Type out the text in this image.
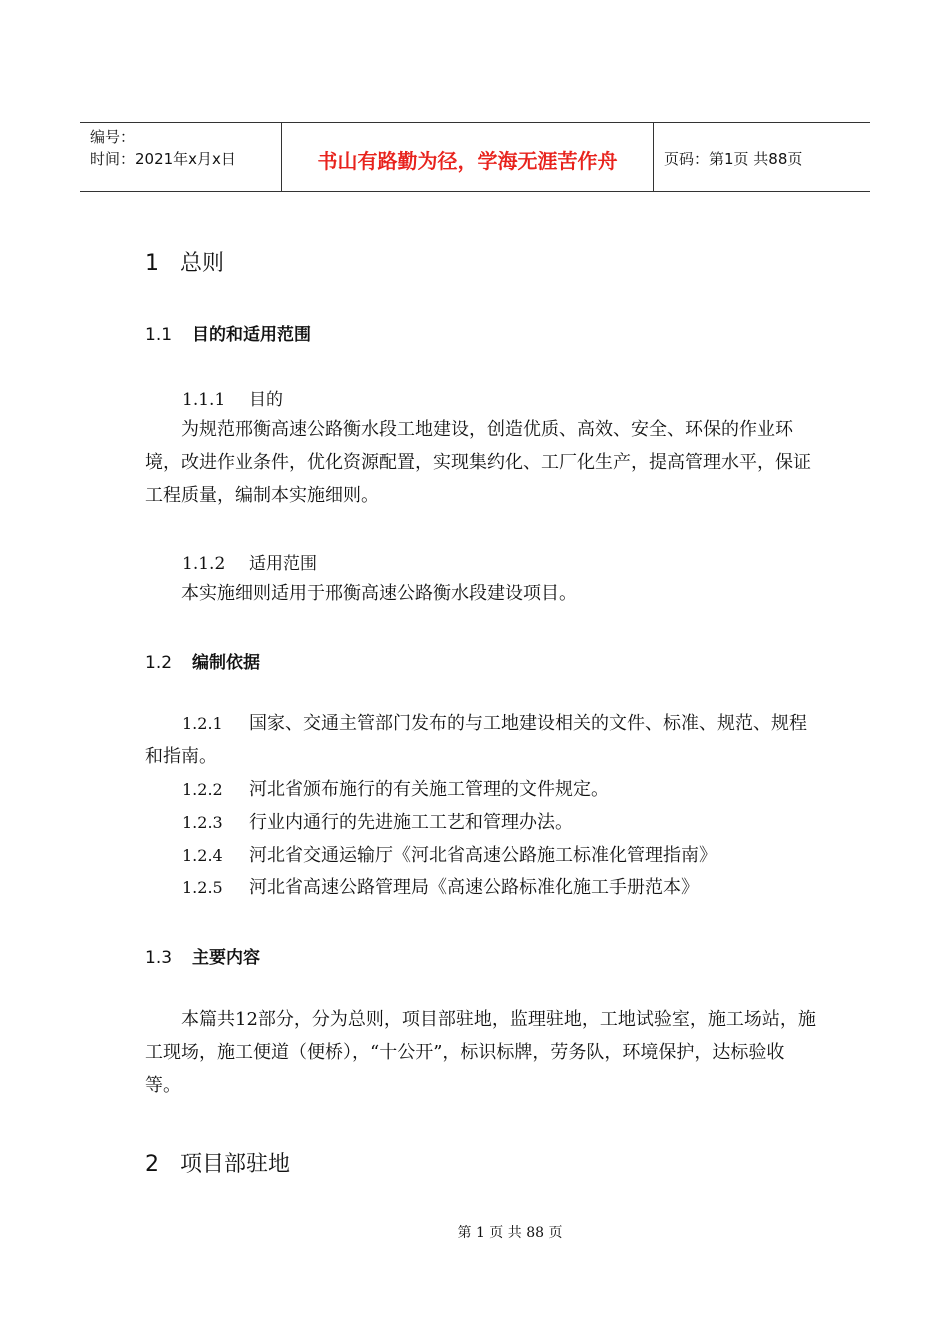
编号：
时间：2021年x月x日	书山有路勤为径，学海无涯苦作舟	页码：第1页 共88页
1 总则
1.1 目的和适用范围
1.1.1 目的

为规范邢衡高速公路衡水段工地建设，创造优质、高效、安全、环保的作业环境，改进作业条件，优化资源配置，实现集约化、工厂化生产，提高管理水平，保证工程质量，编制本实施细则。

1.1.2 适用范围

本实施细则适用于邢衡高速公路衡水段建设项目。

1.2 编制依据

1.2.1 国家、交通主管部门发布的与工地建设相关的文件、标准、规范、规程和指南。

1.2.2 河北省颁布施行的有关施工管理的文件规定。

1.2.3 行业内通行的先进施工工艺和管理办法。

1.2.4 河北省交通运输厅《河北省高速公路施工标准化管理指南》

1.2.5 河北省高速公路管理局《高速公路标准化施工手册范本》

1.3 主要内容

本篇共12部分，分为总则，项目部驻地，监理驻地，工地试验室，施工场站，施工现场，施工便道（便桥），“十公开”，标识标牌，劳务队，环境保护，达标验收等。

2 项目部驻地
第 1 页 共 88 页
